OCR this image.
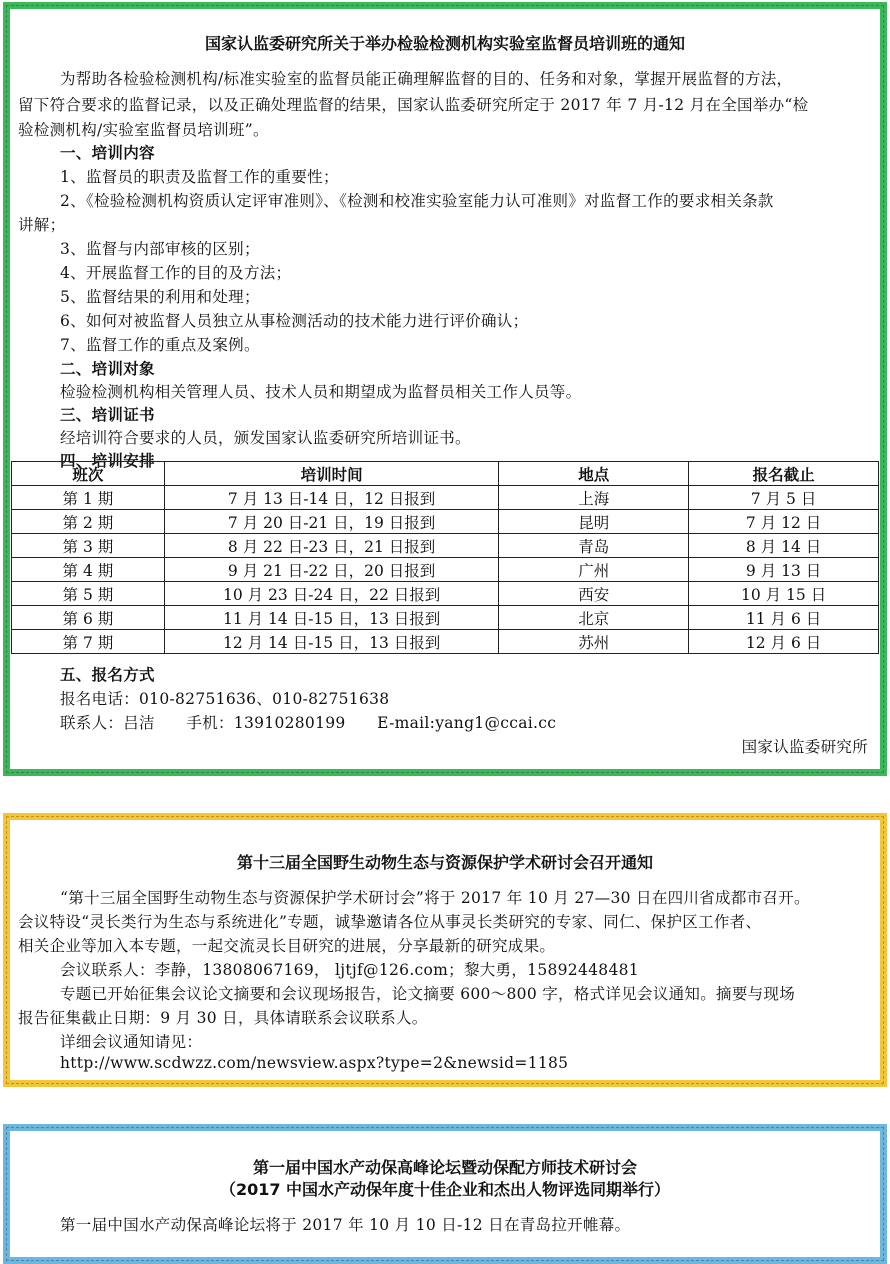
国家认监委研究所关于举办检验检测机构实验室监督员培训班的通知
为帮助各检验检测机构/标准实验室的监督员能正确理解监督的目的、任务和对象，掌握开展监督的方法，
留下符合要求的监督记录，以及正确处理监督的结果，国家认监委研究所定于 2017 年 7 月-12 月在全国举办“检
验检测机构/实验室监督员培训班”。
一、培训内容
1、监督员的职责及监督工作的重要性；
2、《检验检测机构资质认定评审准则》、《检测和校准实验室能力认可准则》对监督工作的要求相关条款
讲解；
3、监督与内部审核的区别；
4、开展监督工作的目的及方法；
5、监督结果的利用和处理；
6、如何对被监督人员独立从事检测活动的技术能力进行评价确认；
7、监督工作的重点及案例。
二、培训对象
检验检测机构相关管理人员、技术人员和期望成为监督员相关工作人员等。
三、培训证书
经培训符合要求的人员，颁发国家认监委研究所培训证书。
四、培训安排
班次	培训时间	地点	报名截止
第 1 期	7 月 13 日-14 日，12 日报到	上海	7 月 5 日
第 2 期	7 月 20 日-21 日，19 日报到	昆明	7 月 12 日
第 3 期	8 月 22 日-23 日，21 日报到	青岛	8 月 14 日
第 4 期	9 月 21 日-22 日，20 日报到	广州	9 月 13 日
第 5 期	10 月 23 日-24 日，22 日报到	西安	10 月 15 日
第 6 期	11 月 14 日-15 日，13 日报到	北京	11 月 6 日
第 7 期	12 月 14 日-15 日，13 日报到	苏州	12 月 6 日
五、报名方式
报名电话：010-82751636、010-82751638
联系人：吕洁　　手机：13910280199　　E-mail:yang1@ccai.cc
国家认监委研究所
第十三届全国野生动物生态与资源保护学术研讨会召开通知
“第十三届全国野生动物生态与资源保护学术研讨会”将于 2017 年 10 月 27—30 日在四川省成都市召开。
会议特设“灵长类行为生态与系统进化”专题，诚挚邀请各位从事灵长类研究的专家、同仁、保护区工作者、
相关企业等加入本专题，一起交流灵长目研究的进展，分享最新的研究成果。
会议联系人：李静，13808067169， ljtjf@126.com；黎大勇，15892448481
专题已开始征集会议论文摘要和会议现场报告，论文摘要 600～800 字，格式详见会议通知。摘要与现场
报告征集截止日期：9 月 30 日，具体请联系会议联系人。
详细会议通知请见：
http://www.scdwzz.com/newsview.aspx?type=2&newsid=1185
第一届中国水产动保高峰论坛暨动保配方师技术研讨会
（2017 中国水产动保年度十佳企业和杰出人物评选同期举行）
第一届中国水产动保高峰论坛将于 2017 年 10 月 10 日-12 日在青岛拉开帷幕。
